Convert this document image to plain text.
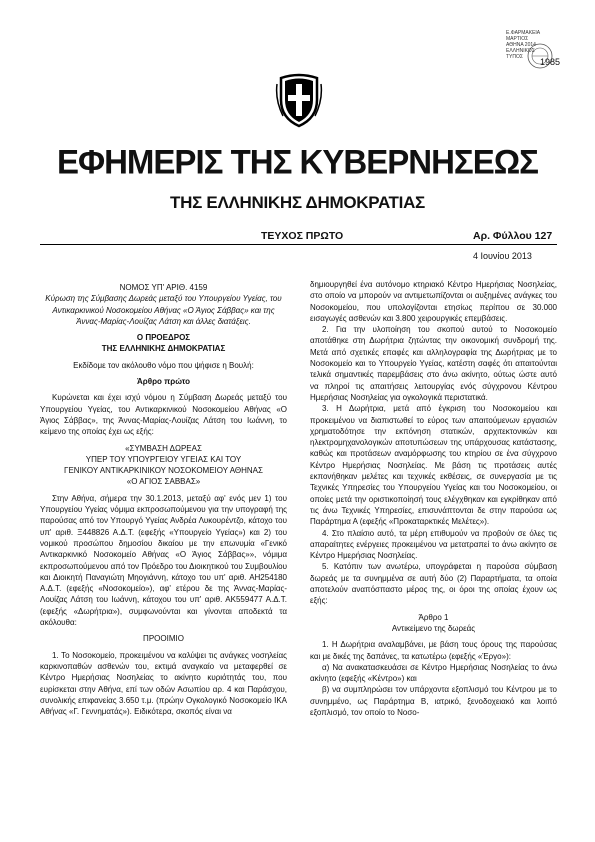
Ε.ΦΑΡΜΑΚΕΙΑ
ΜΑΡΤΙΟΣ
ΑΘΗΝΑ 2014
ΕΛΛΗΝΙΚΟΣ
ΤΥΠΟΣ	1985
ΕΦΗΜΕΡΙΣ ΤΗΣ ΚΥΒΕΡΝΗΣΕΩΣ
ΤΗΣ ΕΛΛΗΝΙΚΗΣ ΔΗΜΟΚΡΑΤΙΑΣ
ΤΕΥΧΟΣ ΠΡΩΤΟ	Αρ. Φύλλου 127
4 Ιουνίου 2013

ΝΟΜΟΣ ΥΠ' ΑΡΙΘ. 4159

Κύρωση της Σύμβασης Δωρεάς μεταξύ του Υπουργείου Υγείας, του Αντικαρκινικού Νοσοκομείου Αθήνας «Ο Άγιος Σάββας» και της Άννας-Μαρίας-Λουίζας Λάτση και άλλες διατάξεις.

Ο ΠΡΟΕΔΡΟΣ

ΤΗΣ ΕΛΛΗΝΙΚΗΣ ΔΗΜΟΚΡΑΤΙΑΣ

Εκδίδομε τον ακόλουθο νόμο που ψήφισε η Βουλή:

Άρθρο πρώτο

Κυρώνεται και έχει ισχύ νόμου η Σύμβαση Δωρεάς μεταξύ του Υπουργείου Υγείας, του Αντικαρκινικού Νοσοκομείου Αθήνας «Ο Άγιος Σάββας», της Άννας-Μαρίας-Λουίζας Λάτση του Ιωάννη, το κείμενο της οποίας έχει ως εξής:

«ΣΥΜΒΑΣΗ ΔΩΡΕΑΣ

ΥΠΕΡ ΤΟΥ ΥΠΟΥΡΓΕΙΟΥ ΥΓΕΙΑΣ ΚΑΙ ΤΟΥ

ΓΕΝΙΚΟΥ ΑΝΤΙΚΑΡΚΙΝΙΚΟΥ ΝΟΣΟΚΟΜΕΙΟΥ ΑΘΗΝΑΣ

«Ο ΑΓΙΟΣ ΣΑΒΒΑΣ»

Στην Αθήνα, σήμερα την 30.1.2013, μεταξύ αφ' ενός μεν 1) του Υπουργείου Υγείας νόμιμα εκπροσωπούμενου για την υπογραφή της παρούσας από τον Υπουργό Υγείας Ανδρέα Λυκουρέντζο, κάτοχο του υπ' αριθ. Ξ448826 Α.Δ.Τ. (εφεξής «Υπουργείο Υγείας») και 2) του νομικού προσώπου δημοσίου δικαίου με την επωνυμία «Γενικό Αντικαρκινικό Νοσοκομείο Αθήνας «Ο Άγιος Σάββας»», νόμιμα εκπροσωπούμενου από τον Πρόεδρο του Διοικητικού του Συμβουλίου και Διοικητή Παναγιώτη Μηογιάννη, κάτοχο του υπ' αριθ. ΑΗ254180 Α.Δ.Τ. (εφεξής «Νοσοκομείο»), αφ' ετέρου δε της Άννας-Μαρίας-Λουίζας Λάτση του Ιωάννη, κάτοχου του υπ' αριθ. ΑΚ559477 Α.Δ.Τ. (εφεξής «Δωρήτρια»), συμφωνούνται και γίνονται αποδεκτά τα ακόλουθα:

ΠΡΟΟΙΜΙΟ

1. Το Νοσοκομείο, προκειμένου να καλύψει τις ανάγκες νοσηλείας καρκινοπαθών ασθενών του, εκτιμά αναγκαίο να μεταφερθεί σε Κέντρο Ημερήσιας Νοσηλείας το ακίνητο κυριότητάς του, που ευρίσκεται στην Αθήνα, επί των οδών Ασωπίου αρ. 4 και Παράσχου, συνολικής επιφανείας 3.650 τ.μ. (πρώην Ογκολογικό Νοσοκομείο ΙΚΑ Αθήνας «Γ. Γεννηματάς»). Ειδικότερα, σκοπός είναι να

δημιουργηθεί ένα αυτόνομο κτηριακό Κέντρο Ημερήσιας Νοσηλείας, στο οποίο να μπορούν να αντιμετωπίζονται οι αυξημένες ανάγκες του Νοσοκομείου, που υπολογίζονται ετησίως περίπου σε 30.000 εισαγωγές ασθενών και 3.800 χειρουργικές επεμβάσεις.

2. Για την υλοποίηση του σκοπού αυτού το Νοσοκομείο αποτάθηκε στη Δωρήτρια ζητώντας την οικονομική συνδρομή της. Μετά από σχετικές επαφές και αλληλογραφία της Δωρήτριας με το Νοσοκομείο και το Υπουργείο Υγείας, κατέστη σαφές ότι απαιτούνται τελικά σημαντικές παρεμβάσεις στο άνω ακίνητο, ούτως ώστε αυτό να πληροί τις απαιτήσεις λειτουργίας ενός σύγχρονου Κέντρου Ημερήσιας Νοσηλείας για ογκολογικά περιστατικά.

3. Η Δωρήτρια, μετά από έγκριση του Νοσοκομείου και προκειμένου να διαπιστωθεί το εύρος των απαιτούμενων εργασιών χρηματοδότησε την εκπόνηση στατικών, αρχιτεκτονικών και ηλεκτρομηχανολογικών αποτυπώσεων της υπάρχουσας κατάστασης, καθώς και προτάσεων αναμόρφωσης του κτηρίου σε ένα σύγχρονο Κέντρο Ημερήσιας Νοσηλείας. Με βάση τις προτάσεις αυτές εκπονήθηκαν μελέτες και τεχνικές εκθέσεις, σε συνεργασία με τις Τεχνικές Υπηρεσίες του Υπουργείου Υγείας και του Νοσοκομείου, οι οποίες μετά την οριστικοποίησή τους ελέγχθηκαν και εγκρίθηκαν από τις άνω Τεχνικές Υπηρεσίες, επισυνάπτονται δε στην παρούσα ως Παράρτημα Α (εφεξής «Προκαταρκτικές Μελέτες»).

4. Στο πλαίσιο αυτό, τα μέρη επιθυμούν να προβούν σε όλες τις απαραίτητες ενέργειες προκειμένου να μετατραπεί το άνω ακίνητο σε Κέντρο Ημερήσιας Νοσηλείας.

5. Κατόπιν των ανωτέρω, υπογράφεται η παρούσα σύμβαση δωρεάς με τα συνημμένα σε αυτή δύο (2) Παραρτήματα, τα οποία αποτελούν αναπόσπαστο μέρος της, οι όροι της οποίας έχουν ως εξής:

Άρθρο 1

Αντικείμενο της δωρεάς

1. Η Δωρήτρια αναλαμβάνει, με βάση τους όρους της παρούσας και με δικές της δαπάνες, τα κατωτέρω (εφεξής «Έργο»):

α) Να ανακατασκευάσει σε Κέντρο Ημερήσιας Νοσηλείας το άνω ακίνητο (εφεξής «Κέντρο») και

β) να συμπληρώσει τον υπάρχοντα εξοπλισμό του Κέντρου με το συνημμένο, ως Παράρτημα Β, ιατρικό, ξενοδοχειακό και λοιπό εξοπλισμό, τον οποίο το Νοσο-
